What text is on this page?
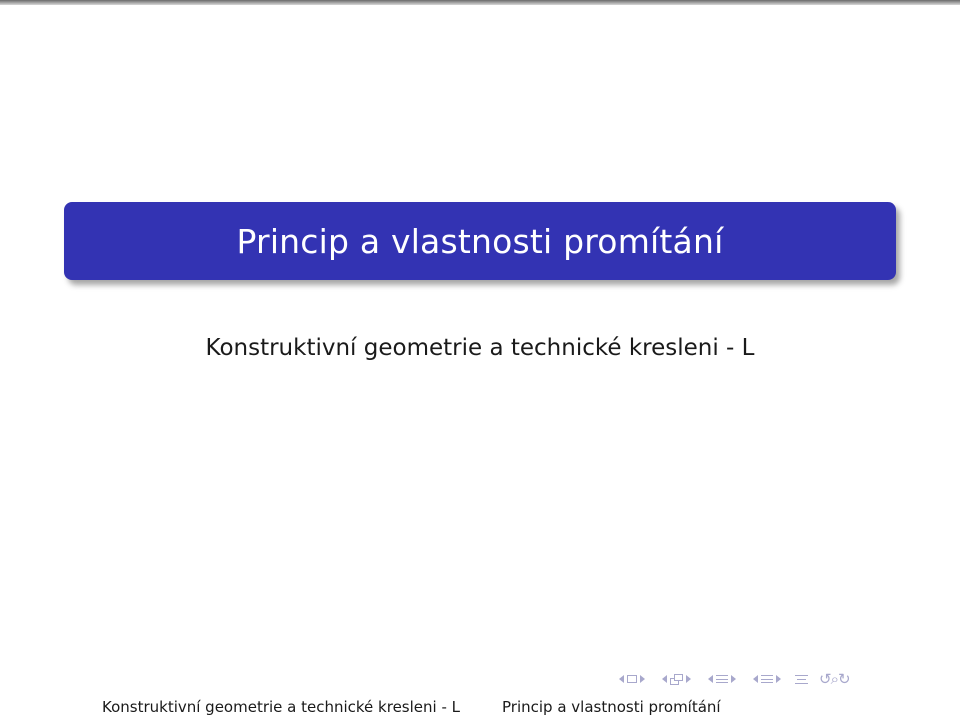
Princip a vlastnosti promítání
Konstruktivní geometrie a technické kresleni - L
↺⌕↻
Konstruktivní geometrie a technické kresleni - L	Princip a vlastnosti promítání
